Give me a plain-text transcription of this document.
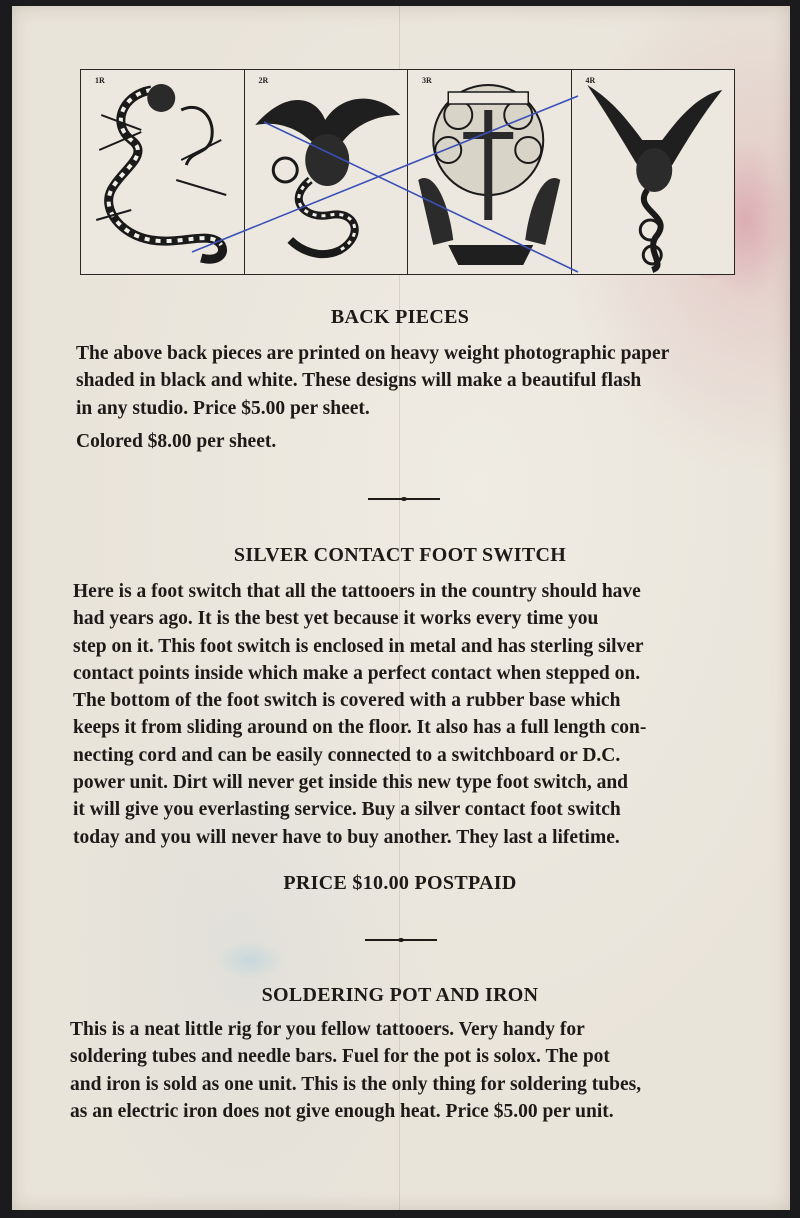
1R	2R	3R	4R
BACK PIECES
The above back pieces are printed on heavy weight photographic paper
shaded in black and white. These designs will make a beautiful flash
in any studio. Price $5.00 per sheet.
Colored $8.00 per sheet.
SILVER CONTACT FOOT SWITCH
Here is a foot switch that all the tattooers in the country should have
had years ago. It is the best yet because it works every time you
step on it. This foot switch is enclosed in metal and has sterling silver
contact points inside which make a perfect contact when stepped on.
The bottom of the foot switch is covered with a rubber base which
keeps it from sliding around on the floor. It also has a full length con-
necting cord and can be easily connected to a switchboard or D.C.
power unit. Dirt will never get inside this new type foot switch, and
it will give you everlasting service. Buy a silver contact foot switch
today and you will never have to buy another. They last a lifetime.
PRICE $10.00 POSTPAID
SOLDERING POT AND IRON
This is a neat little rig for you fellow tattooers. Very handy for
soldering tubes and needle bars. Fuel for the pot is solox. The pot
and iron is sold as one unit. This is the only thing for soldering tubes,
as an electric iron does not give enough heat. Price $5.00 per unit.
